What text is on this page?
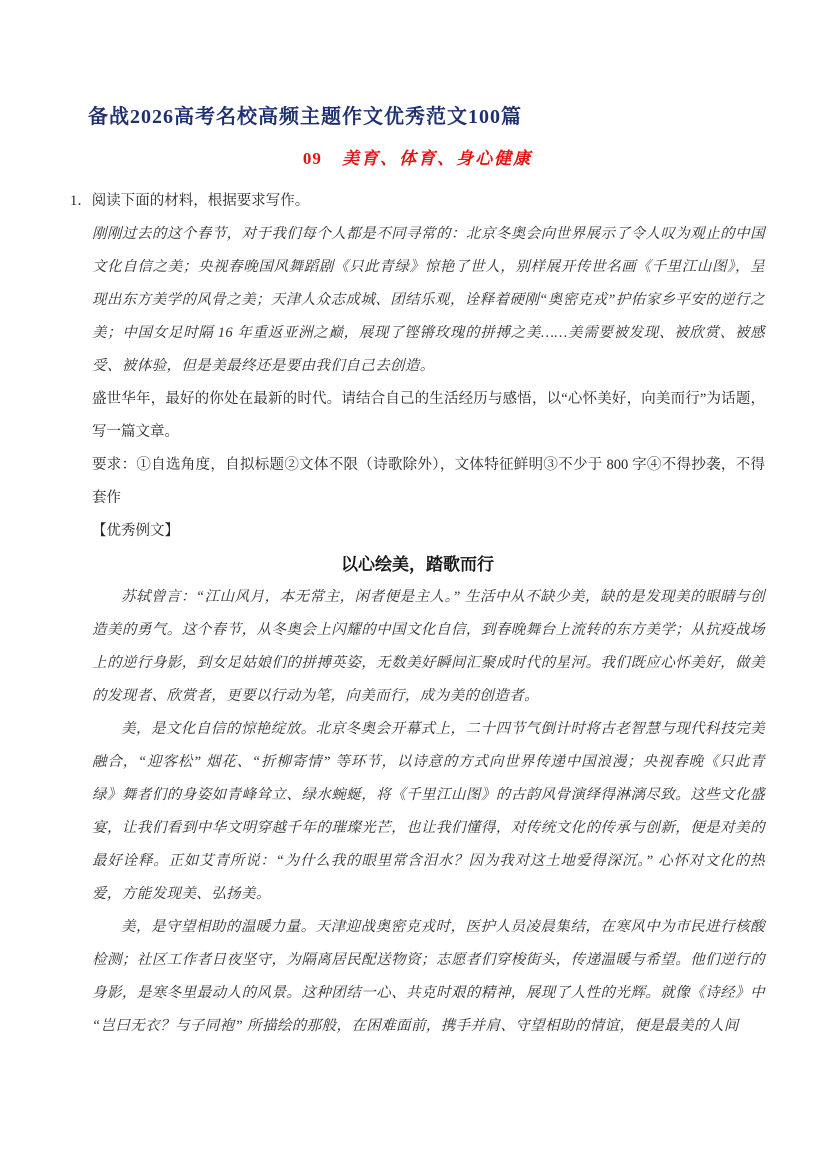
备战2026高考名校高频主题作文优秀范文100篇
09 美育、体育、身心健康

1．阅读下面的材料，根据要求写作。

刚刚过去的这个春节，对于我们每个人都是不同寻常的：北京冬奥会向世界展示了令人叹为观止的中国文化自信之美；央视春晚国风舞蹈剧《只此青绿》惊艳了世人，别样展开传世名画《千里江山图》，呈现出东方美学的风骨之美；天津人众志成城、团结乐观，诠释着硬刚“奥密克戎”护佑家乡平安的逆行之美；中国女足时隔 16 年重返亚洲之巅，展现了铿锵玫瑰的拼搏之美……美需要被发现、被欣赏、被感受、被体验，但是美最终还是要由我们自己去创造。

盛世华年，最好的你处在最新的时代。请结合自己的生活经历与感悟，以“心怀美好，向美而行”为话题，写一篇文章。

要求：①自选角度，自拟标题②文体不限（诗歌除外），文体特征鲜明③不少于 800 字④不得抄袭，不得套作

【优秀例文】

以心绘美，踏歌而行

苏轼曾言：“江山风月，本无常主，闲者便是主人。” 生活中从不缺少美，缺的是发现美的眼睛与创造美的勇气。这个春节，从冬奥会上闪耀的中国文化自信，到春晚舞台上流转的东方美学；从抗疫战场上的逆行身影，到女足姑娘们的拼搏英姿，无数美好瞬间汇聚成时代的星河。我们既应心怀美好，做美的发现者、欣赏者，更要以行动为笔，向美而行，成为美的创造者。

美，是文化自信的惊艳绽放。北京冬奥会开幕式上，二十四节气倒计时将古老智慧与现代科技完美融合，“迎客松” 烟花、“折柳寄情” 等环节，以诗意的方式向世界传递中国浪漫；央视春晚《只此青绿》舞者们的身姿如青峰耸立、绿水蜿蜒，将《千里江山图》的古韵风骨演绎得淋漓尽致。这些文化盛宴，让我们看到中华文明穿越千年的璀璨光芒，也让我们懂得，对传统文化的传承与创新，便是对美的最好诠释。正如艾青所说：“为什么我的眼里常含泪水？因为我对这土地爱得深沉。” 心怀对文化的热爱，方能发现美、弘扬美。

美，是守望相助的温暖力量。天津迎战奥密克戎时，医护人员凌晨集结，在寒风中为市民进行核酸检测；社区工作者日夜坚守，为隔离居民配送物资；志愿者们穿梭街头，传递温暖与希望。他们逆行的身影，是寒冬里最动人的风景。这种团结一心、共克时艰的精神，展现了人性的光辉。就像《诗经》中“岂曰无衣？与子同袍” 所描绘的那般，在困难面前，携手并肩、守望相助的情谊，便是最美的人间
